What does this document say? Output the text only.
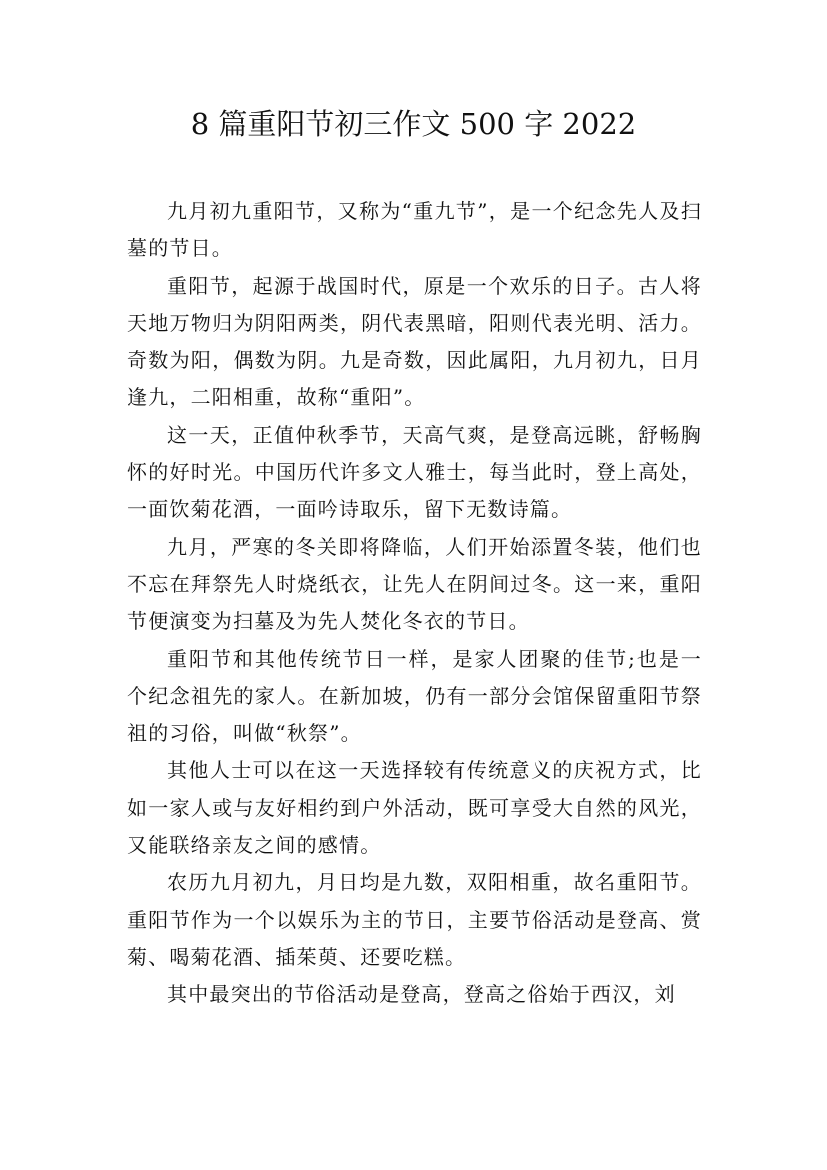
8 篇重阳节初三作文 500 字 2022

九月初九重阳节，又称为“重九节”，是一个纪念先人及扫墓的节日。

重阳节，起源于战国时代，原是一个欢乐的日子。古人将天地万物归为阴阳两类，阴代表黑暗，阳则代表光明、活力。奇数为阳，偶数为阴。九是奇数，因此属阳，九月初九，日月逢九，二阳相重，故称“重阳”。

这一天，正值仲秋季节，天高气爽，是登高远眺，舒畅胸怀的好时光。中国历代许多文人雅士，每当此时，登上高处，一面饮菊花酒，一面吟诗取乐，留下无数诗篇。

九月，严寒的冬关即将降临，人们开始添置冬装，他们也不忘在拜祭先人时烧纸衣，让先人在阴间过冬。这一来，重阳节便演变为扫墓及为先人焚化冬衣的节日。

重阳节和其他传统节日一样，是家人团聚的佳节;也是一个纪念祖先的家人。在新加坡，仍有一部分会馆保留重阳节祭祖的习俗，叫做“秋祭”。

其他人士可以在这一天选择较有传统意义的庆祝方式，比如一家人或与友好相约到户外活动，既可享受大自然的风光，又能联络亲友之间的感情。

农历九月初九，月日均是九数，双阳相重，故名重阳节。重阳节作为一个以娱乐为主的节日，主要节俗活动是登高、赏菊、喝菊花酒、插茱萸、还要吃糕。

其中最突出的节俗活动是登高，登高之俗始于西汉，刘
